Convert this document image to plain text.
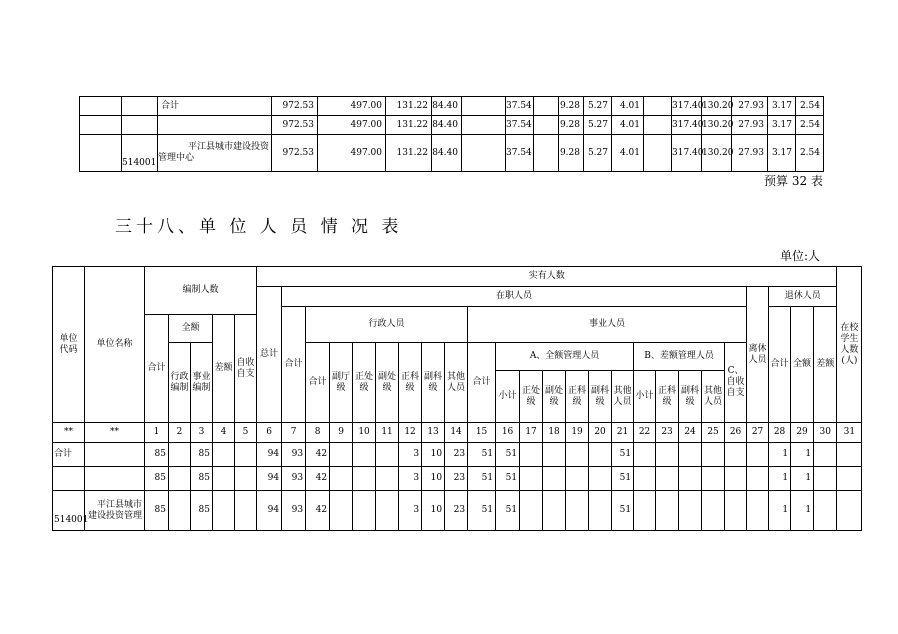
		合计	972.53	497.00	131.22	84.40		37.54		9.28	5.27	4.01		317.40	130.20	27.93	3.17	2.54
			972.53	497.00	131.22	84.40		37.54		9.28	5.27	4.01		317.40	130.20	27.93	3.17	2.54
	514001	平江县城市建设投资
管理中心	972.53	497.00	131.22	84.40		37.54		9.28	5.27	4.01		317.40	130.20	27.93	3.17	2.54
预算 32 表
三十八、单 位 人 员 情 况 表
单位:人
单位代码	单位名称	编制人数					实有人数																									在校学生人数(人)
							总计	在职人员																				离休人员	退休人员			
								合计	行政人员							事业人员													合计	全额	差额	
		合计	全额		差额	自收自支																										
			行政编制	事业编制					合计	副厅级	正处级	副处级	正科级	副科级	其他人员	合计	A、全额管理人员						B、差额管理人员				C、自收自支					
																	小计	正处级	副处级	正科级	副科级	其他人员	小计	正科级	副科级	其他人员						
**	**	1	2	3	4	5	6	7	8	9	10	11	12	13	14	15	16	17	18	19	20	21	22	23	24	25	26	27	28	29	30	31
合计		85		85			94	93	42				3	10	23	51	51					51							1	1		
		85		85			94	93	42				3	10	23	51	51					51							1	1		
514001	平江县城市
建设投资管理	85		85			94	93	42				3	10	23	51	51					51							1	1		
